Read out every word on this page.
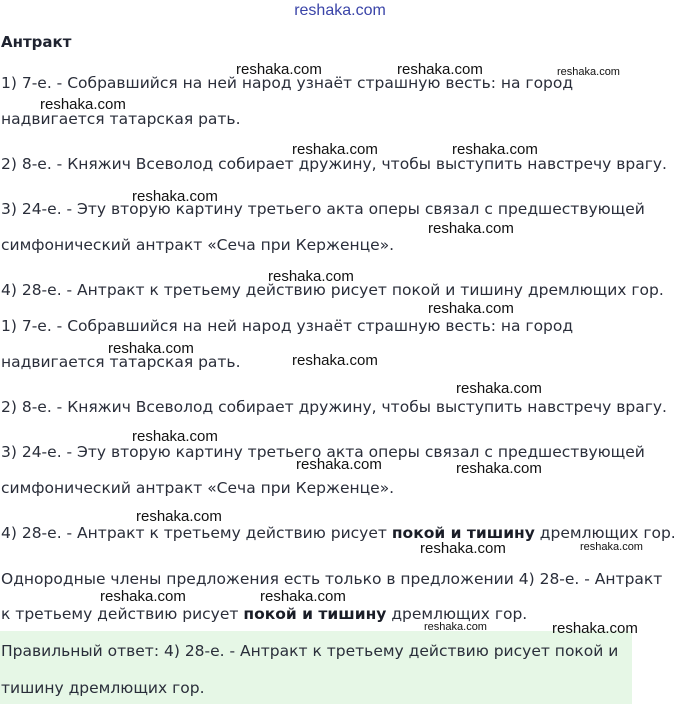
reshaka.com
Антракт
1) 7-е. - Собравшийся на ней народ узнаёт страшную весть: на город
надвигается татарская рать.
2) 8-е. - Княжич Всеволод собирает дружину, чтобы выступить навстречу врагу.
3) 24-е. - Эту вторую картину третьего акта оперы связал с предшествующей
симфонический антракт «Сеча при Керженце».
4) 28-е. - Антракт к третьему действию рисует покой и тишину дремлющих гор.
1) 7-е. - Собравшийся на ней народ узнаёт страшную весть: на город
надвигается татарская рать.
2) 8-е. - Княжич Всеволод собирает дружину, чтобы выступить навстречу врагу.
3) 24-е. - Эту вторую картину третьего акта оперы связал с предшествующей
симфонический антракт «Сеча при Керженце».
4) 28-е. - Антракт к третьему действию рисует покой и тишину дремлющих гор.
Однородные члены предложения есть только в предложении 4) 28-е. - Антракт
к третьему действию рисует покой и тишину дремлющих гор.
Правильный ответ: 4) 28-е. - Антракт к третьему действию рисует покой и
тишину дремлющих гор.
reshaka.com	reshaka.com	reshaka.com
reshaka.com
reshaka.com	reshaka.com
reshaka.com
reshaka.com
reshaka.com
reshaka.com
reshaka.com
reshaka.com
reshaka.com
reshaka.com
reshaka.com	reshaka.com
reshaka.com
reshaka.com	reshaka.com
reshaka.com	reshaka.com
reshaka.com	reshaka.com
